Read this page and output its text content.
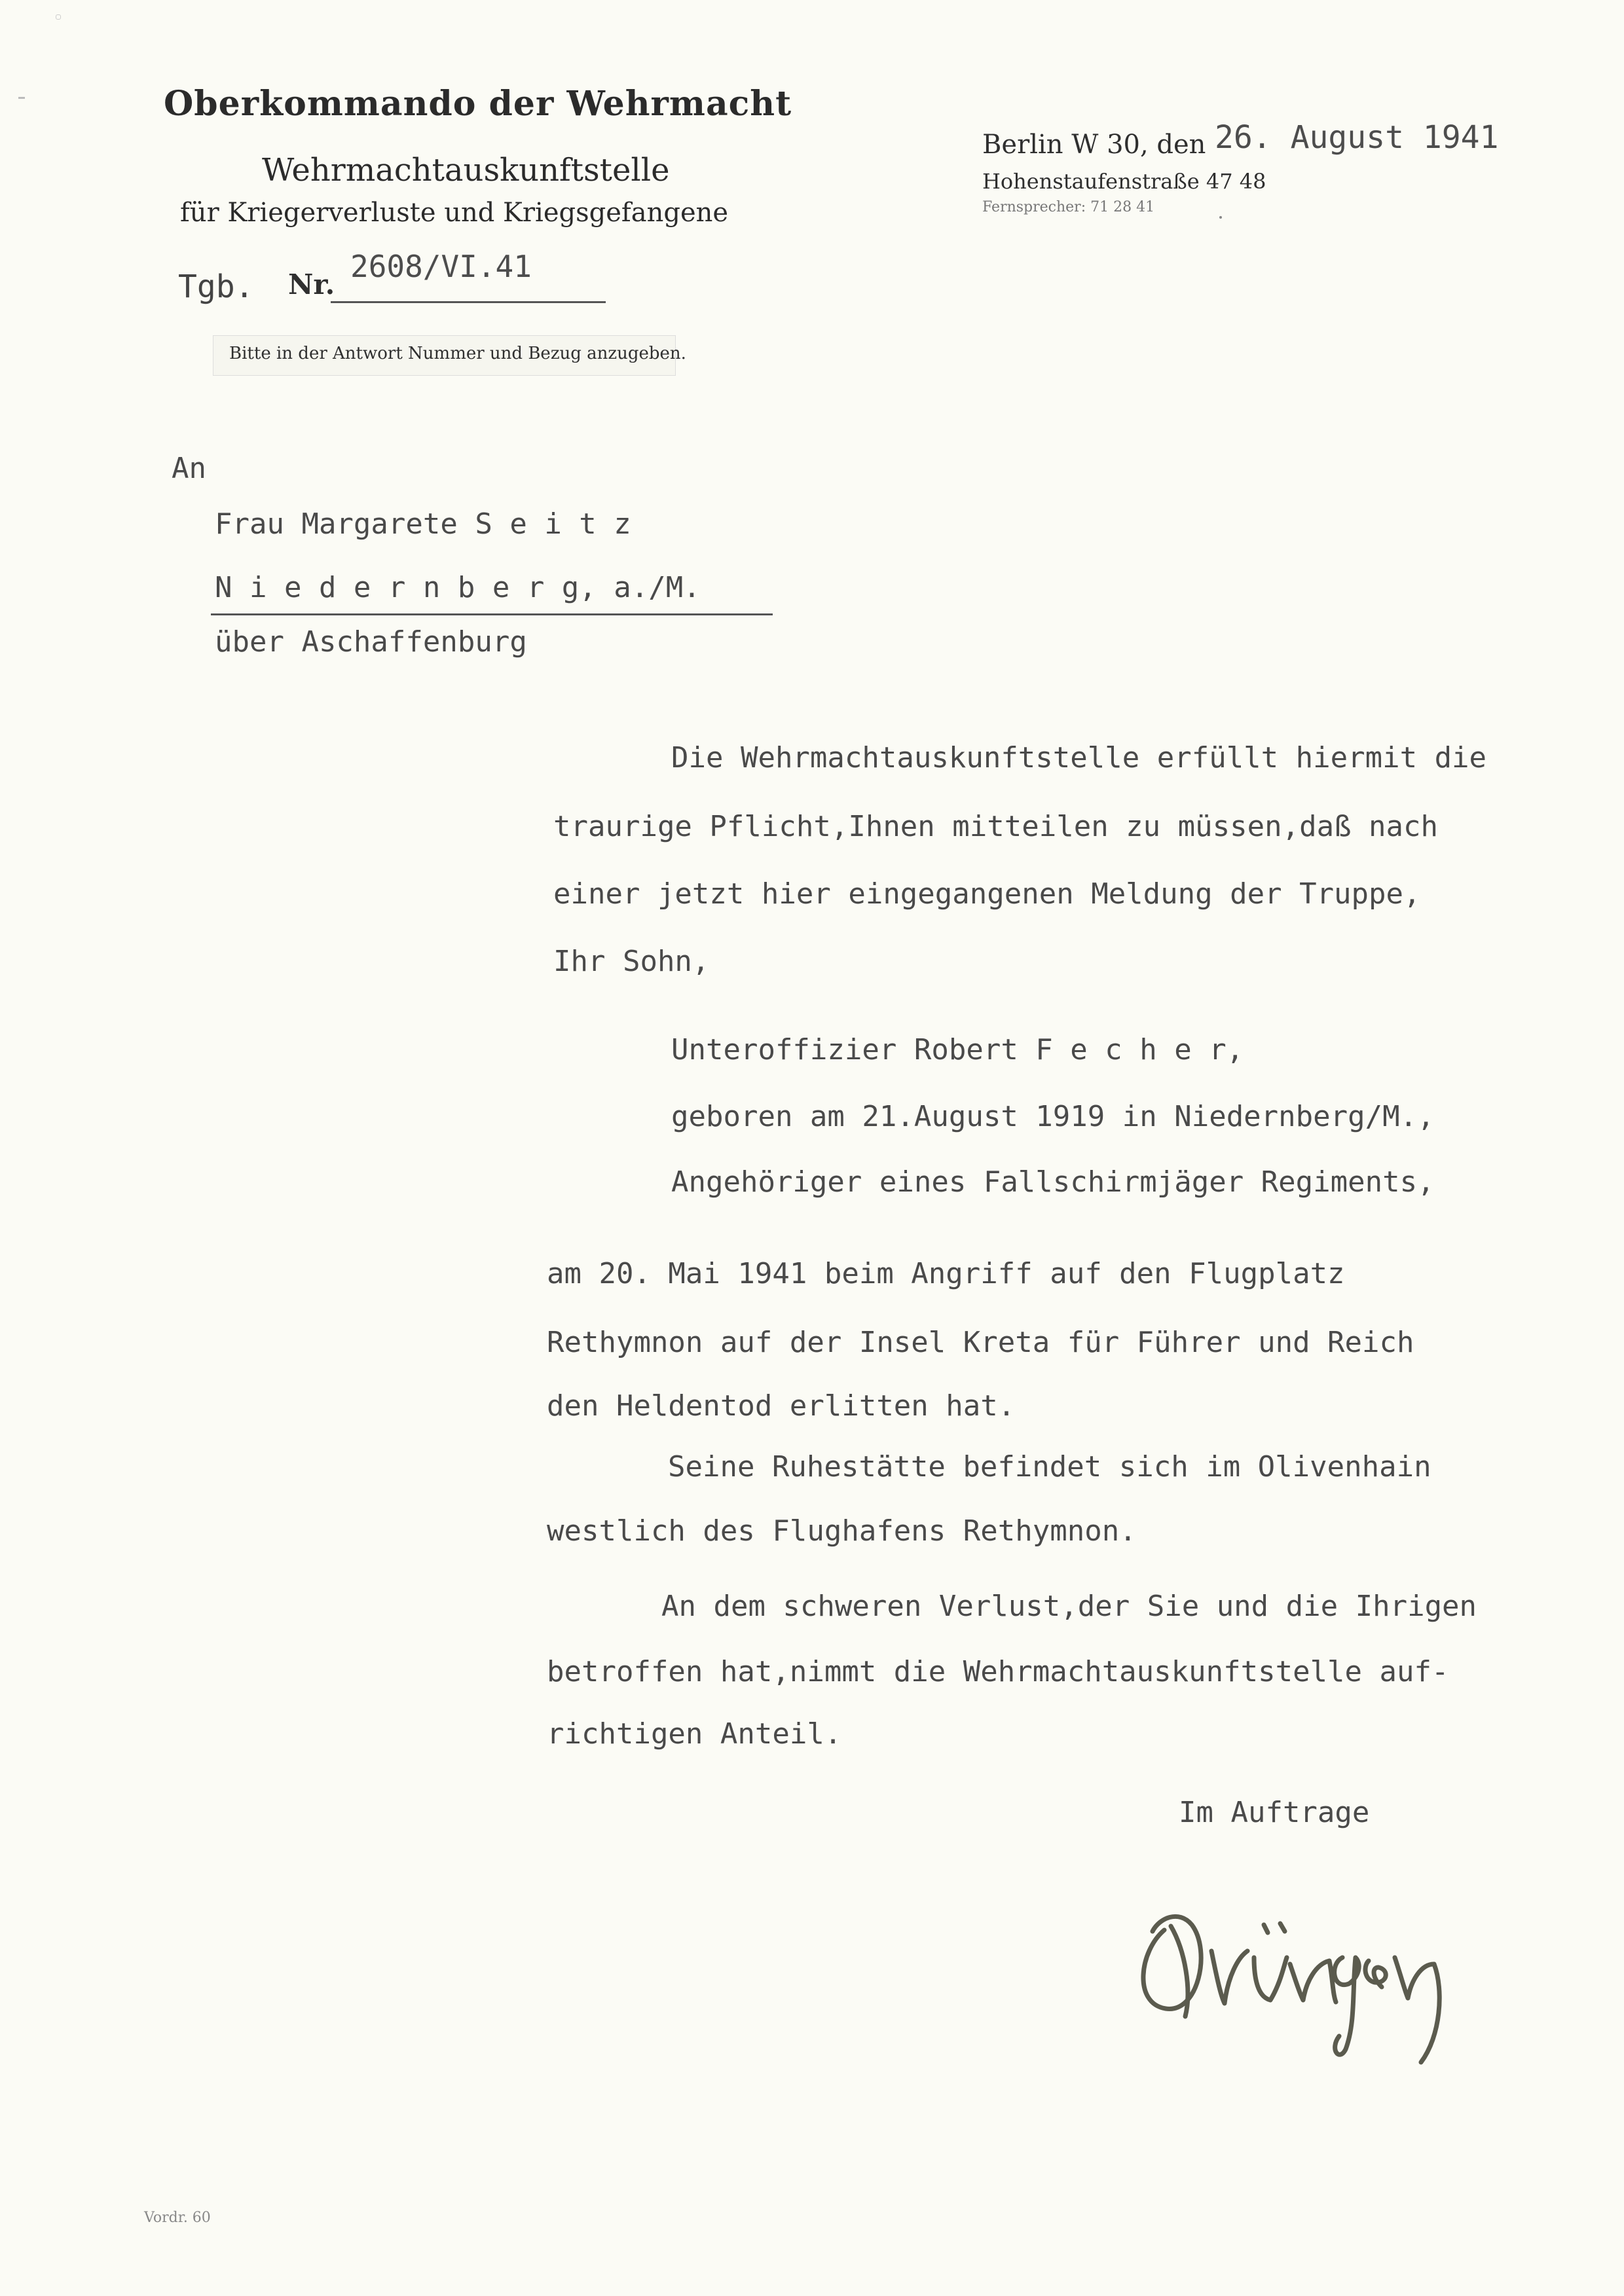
Oberkommando der Wehrmacht
Wehrmachtauskunftstelle
für Kriegerverluste und Kriegsgefangene
Berlin W 30, den 26. August 1941
Hohenstaufenstraße 47 48
Fernsprecher: 71 28 41
Tgb. Nr.
2608/VI.41
Bitte in der Antwort Nummer und Bezug anzugeben.
An
Frau Margarete S e i t z
N i e d e r n b e r g, a./M.
über Aschaffenburg
Die Wehrmachtauskunftstelle erfüllt hiermit die
traurige Pflicht,Ihnen mitteilen zu müssen,daß nach
einer jetzt hier eingegangenen Meldung der Truppe,
Ihr Sohn,
Unteroffizier Robert F e c h e r,
geboren am 21.August 1919 in Niedernberg/M.,
Angehöriger eines Fallschirmjäger Regiments,
am 20. Mai 1941 beim Angriff auf den Flugplatz
Rethymnon auf der Insel Kreta für Führer und Reich
den Heldentod erlitten hat.
Seine Ruhestätte befindet sich im Olivenhain
westlich des Flughafens Rethymnon.
An dem schweren Verlust,der Sie und die Ihrigen
betroffen hat,nimmt die Wehrmachtauskunftstelle auf-
richtigen Anteil.
Im Auftrage
Vordr. 60
